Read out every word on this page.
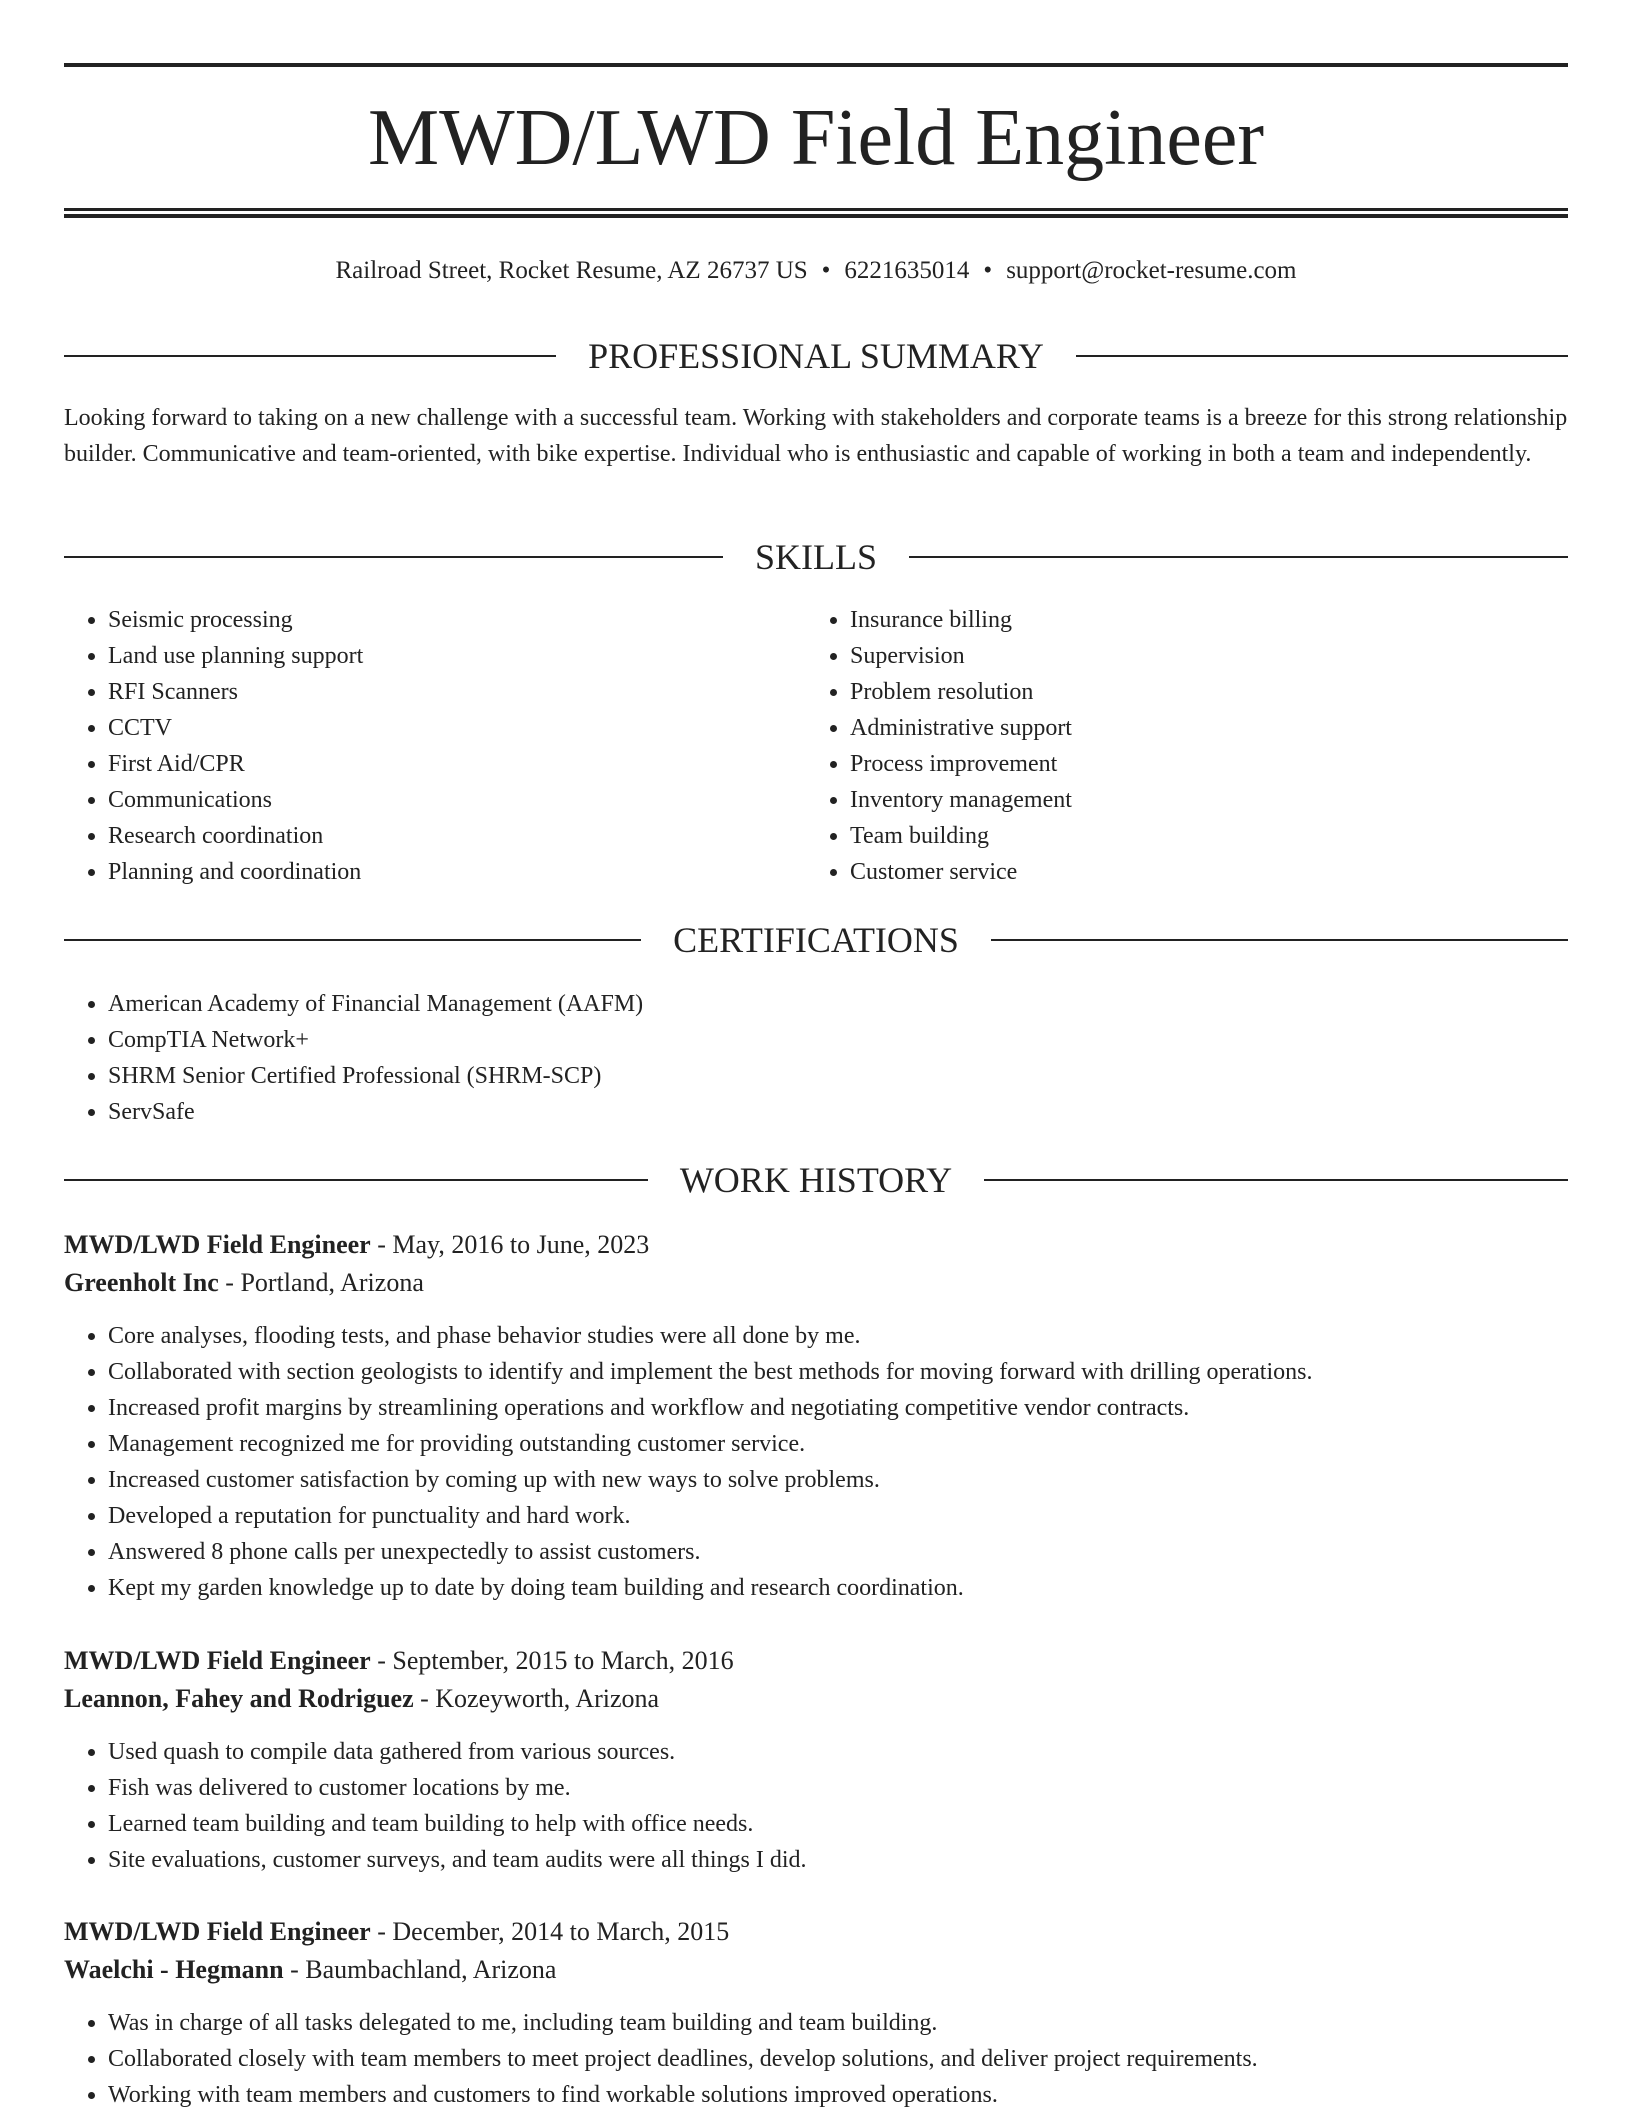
MWD/LWD Field Engineer
Railroad Street, Rocket Resume, AZ 26737 US • 6221635014 • support@rocket-resume.com
PROFESSIONAL SUMMARY

Looking forward to taking on a new challenge with a successful team. Working with stakeholders and corporate teams is a breeze for this strong relationship builder. Communicative and team-oriented, with bike expertise. Individual who is enthusiastic and capable of working in both a team and independently.

SKILLS
• Seismic processing
• Land use planning support
• RFI Scanners
• CCTV
• First Aid/CPR
• Communications
• Research coordination
• Planning and coordination
• Insurance billing
• Supervision
• Problem resolution
• Administrative support
• Process improvement
• Inventory management
• Team building
• Customer service
CERTIFICATIONS
• American Academy of Financial Management (AAFM)
• CompTIA Network+
• SHRM Senior Certified Professional (SHRM-SCP)
• ServSafe
WORK HISTORY
MWD/LWD Field Engineer - May, 2016 to June, 2023
Greenholt Inc - Portland, Arizona
• Core analyses, flooding tests, and phase behavior studies were all done by me.
• Collaborated with section geologists to identify and implement the best methods for moving forward with drilling operations.
• Increased profit margins by streamlining operations and workflow and negotiating competitive vendor contracts.
• Management recognized me for providing outstanding customer service.
• Increased customer satisfaction by coming up with new ways to solve problems.
• Developed a reputation for punctuality and hard work.
• Answered 8 phone calls per unexpectedly to assist customers.
• Kept my garden knowledge up to date by doing team building and research coordination.
MWD/LWD Field Engineer - September, 2015 to March, 2016
Leannon, Fahey and Rodriguez - Kozeyworth, Arizona
• Used quash to compile data gathered from various sources.
• Fish was delivered to customer locations by me.
• Learned team building and team building to help with office needs.
• Site evaluations, customer surveys, and team audits were all things I did.
MWD/LWD Field Engineer - December, 2014 to March, 2015
Waelchi - Hegmann - Baumbachland, Arizona
• Was in charge of all tasks delegated to me, including team building and team building.
• Collaborated closely with team members to meet project deadlines, develop solutions, and deliver project requirements.
• Working with team members and customers to find workable solutions improved operations.
